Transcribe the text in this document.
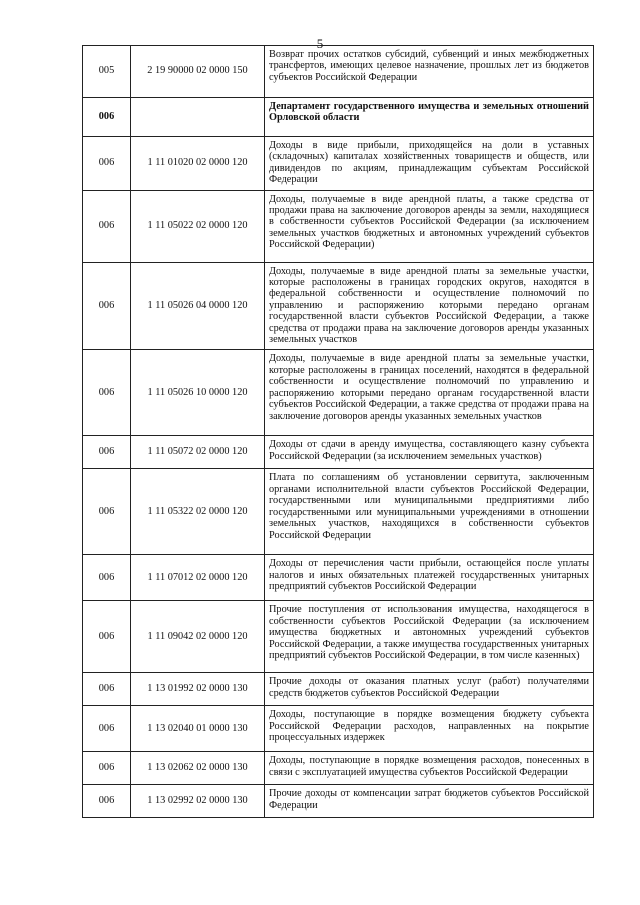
5
005	2 19 90000 02 0000 150	Возврат прочих остатков субсидий, субвенций и иных межбюджетных трансфертов, имеющих целевое назначение, прошлых лет из бюджетов субъектов Российской Федерации
006		Департамент государственного имущества и земельных отношений Орловской области
006	1 11 01020 02 0000 120	Доходы в виде прибыли, приходящейся на доли в уставных (складочных) капиталах хозяйственных товариществ и обществ, или дивидендов по акциям, принадлежащим субъектам Российской Федерации
006	1 11 05022 02 0000 120	Доходы, получаемые в виде арендной платы, а также средства от продажи права на заключение договоров аренды за земли, находящиеся в собственности субъектов Российской Федерации (за исключением земельных участков бюджетных и автономных учреждений субъектов Российской Федерации)
006	1 11 05026 04 0000 120	Доходы, получаемые в виде арендной платы за земельные участки, которые расположены в границах городских округов, находятся в федеральной собственности и осуществление полномочий по управлению и распоряжению которыми передано органам государственной власти субъектов Российской Федерации, а также средства от продажи права на заключение договоров аренды указанных земельных участков
006	1 11 05026 10 0000 120	Доходы, получаемые в виде арендной платы за земельные участки, которые расположены в границах поселений, находятся в федеральной собственности и осуществление полномочий по управлению и распоряжению которыми передано органам государственной власти субъектов Российской Федерации, а также средства от продажи права на заключение договоров аренды указанных земельных участков
006	1 11 05072 02 0000 120	Доходы от сдачи в аренду имущества, составляющего казну субъекта Российской Федерации (за исключением земельных участков)
006	1 11 05322 02 0000 120	Плата по соглашениям об установлении сервитута, заключенным органами исполнительной власти субъектов Российской Федерации, государственными или муниципальными предприятиями либо государственными или муниципальными учреждениями в отношении земельных участков, находящихся в собственности субъектов Российской Федерации
006	1 11 07012 02 0000 120	Доходы от перечисления части прибыли, остающейся после уплаты налогов и иных обязательных платежей государственных унитарных предприятий субъектов Российской Федерации
006	1 11 09042 02 0000 120	Прочие поступления от использования имущества, находящегося в собственности субъектов Российской Федерации (за исключением имущества бюджетных и автономных учреждений субъектов Российской Федерации, а также имущества государственных унитарных предприятий субъектов Российской Федерации, в том числе казенных)
006	1 13 01992 02 0000 130	Прочие доходы от оказания платных услуг (работ) получателями средств бюджетов субъектов Российской Федерации
006	1 13 02040 01 0000 130	Доходы, поступающие в порядке возмещения бюджету субъекта Российской Федерации расходов, направленных на покрытие процессуальных издержек
006	1 13 02062 02 0000 130	Доходы, поступающие в порядке возмещения расходов, понесенных в связи с эксплуатацией имущества субъектов Российской Федерации
006	1 13 02992 02 0000 130	Прочие доходы от компенсации затрат бюджетов субъектов Российской Федерации
